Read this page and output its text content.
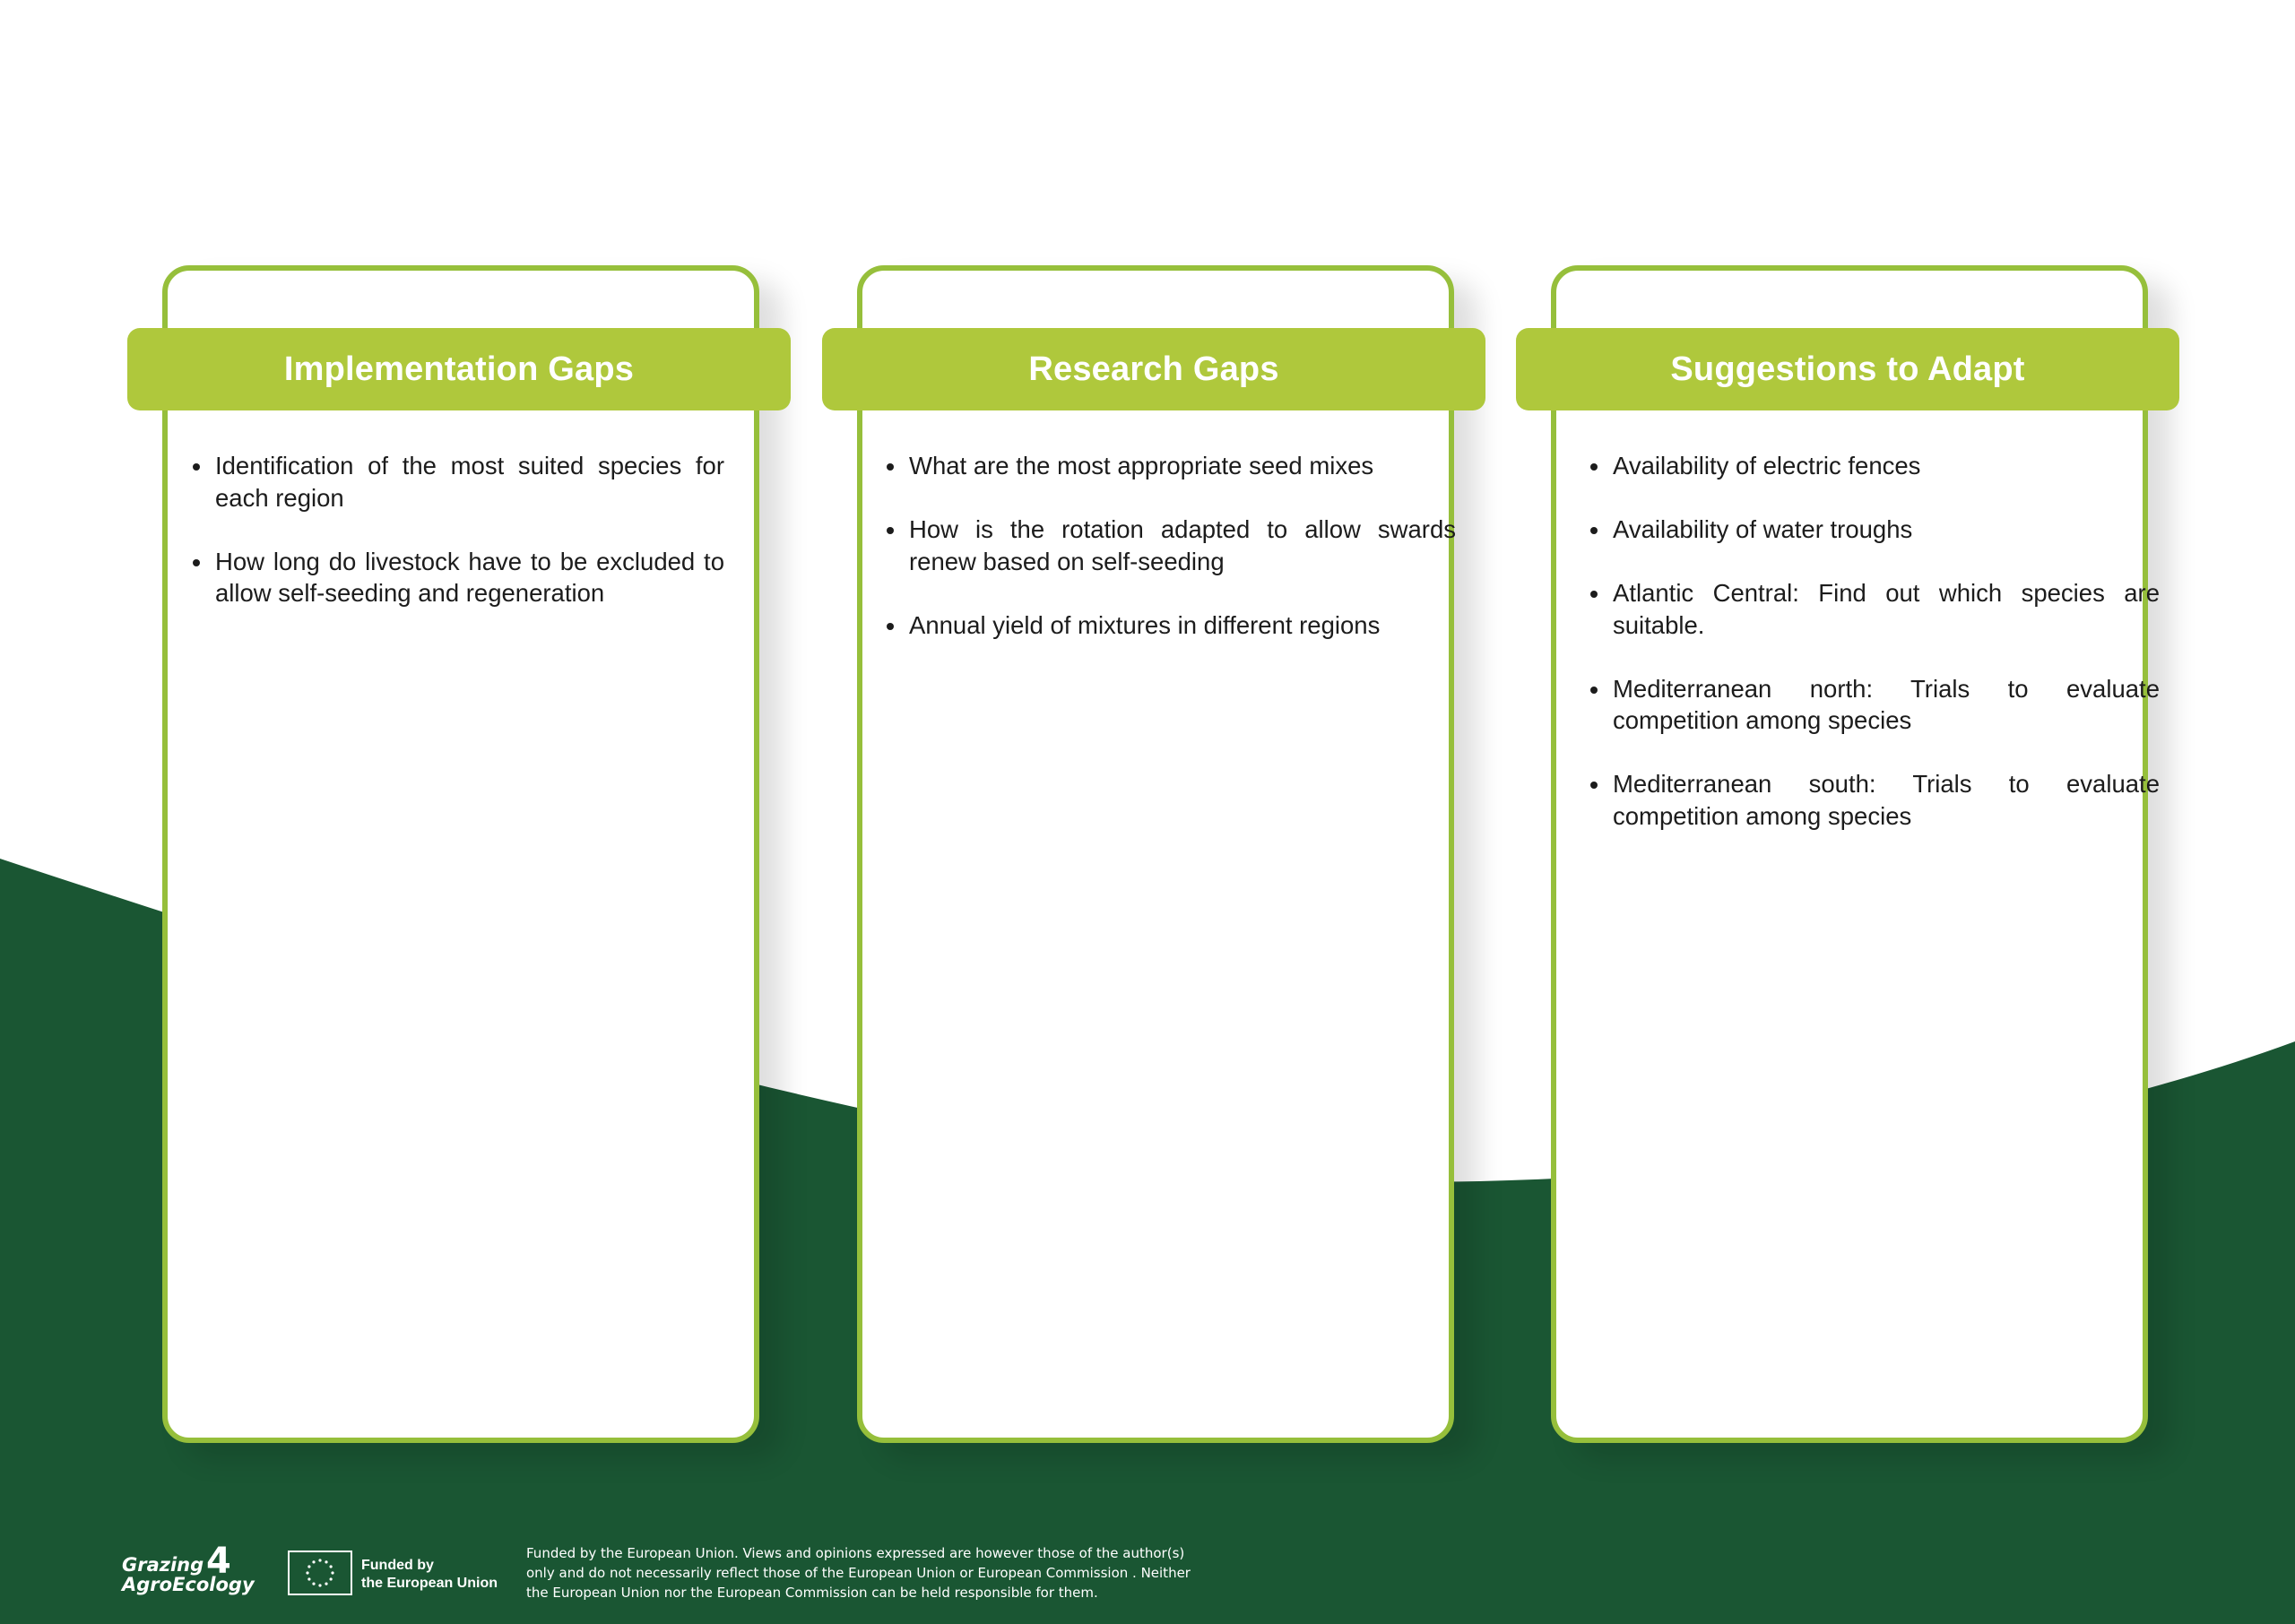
Implementation Gaps
• Identification of the most suited species for each region
• How long do livestock have to be excluded to allow self-seeding and regeneration
Research Gaps
• What are the most appropriate seed mixes
• How is the rotation adapted to allow swards renew based on self-seeding
• Annual yield of mixtures in different regions
Suggestions to Adapt
• Availability of electric fences
• Availability of water troughs
• Atlantic Central: Find out which species are suitable.
• Mediterranean north: Trials to evaluate competition among species
• Mediterranean south: Trials to evaluate competition among species
Grazing
AgroEcology
4	Funded by
the European Union
Funded by the European Union. Views and opinions expressed are however those of the author(s)
only and do not necessarily reflect those of the European Union or European Commission . Neither
the European Union nor the European Commission can be held responsible for them.
